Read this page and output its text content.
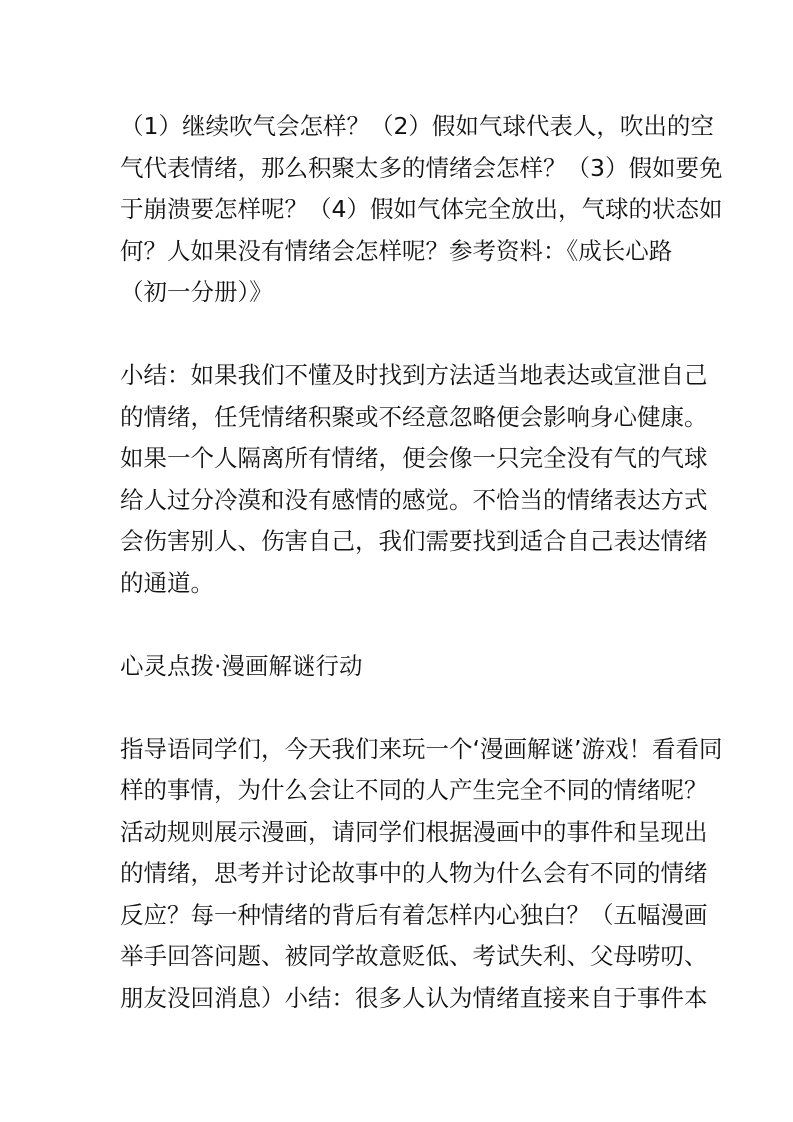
（1）继续吹气会怎样？（2）假如气球代表人，吹出的空
气代表情绪，那么积聚太多的情绪会怎样？（3）假如要免
于崩溃要怎样呢？（4）假如气体完全放出，气球的状态如
何？人如果没有情绪会怎样呢？参考资料：《成长心路
（初一分册）》
小结：如果我们不懂及时找到方法适当地表达或宣泄自己
的情绪，任凭情绪积聚或不经意忽略便会影响身心健康。
如果一个人隔离所有情绪，便会像一只完全没有气的气球
给人过分冷漠和没有感情的感觉。不恰当的情绪表达方式
会伤害别人、伤害自己，我们需要找到适合自己表达情绪
的通道。
心灵点拨·漫画解谜行动
指导语同学们，今天我们来玩一个‘漫画解谜’游戏！看看同
样的事情，为什么会让不同的人产生完全不同的情绪呢？
活动规则展示漫画，请同学们根据漫画中的事件和呈现出
的情绪，思考并讨论故事中的人物为什么会有不同的情绪
反应？每一种情绪的背后有着怎样内心独白？（五幅漫画
举手回答问题、被同学故意贬低、考试失利、父母唠叨、
朋友没回消息）小结：很多人认为情绪直接来自于事件本
